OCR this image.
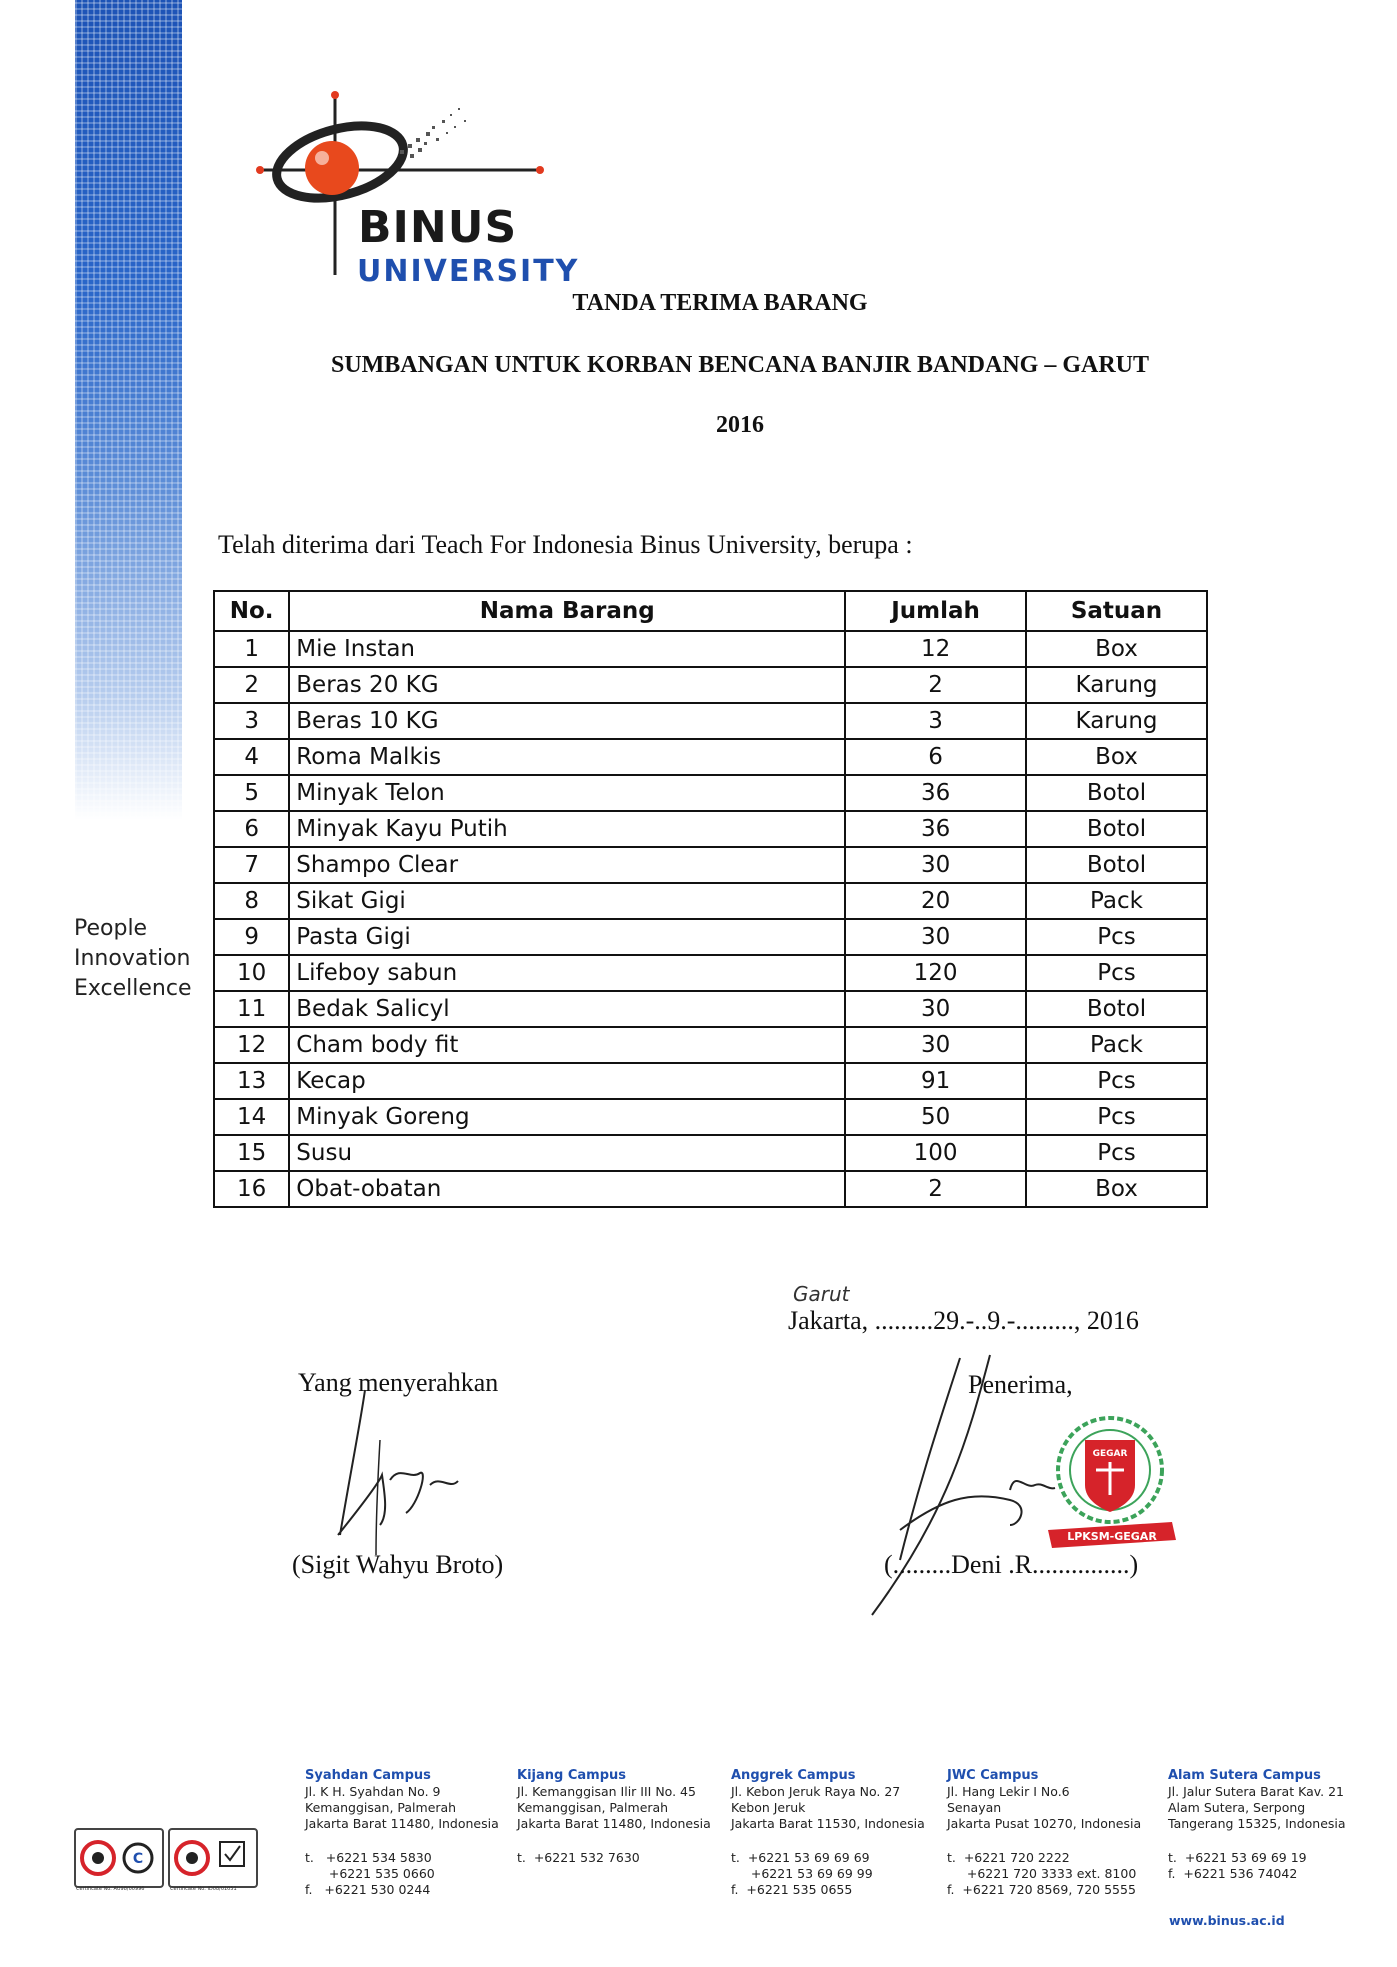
People
Innovation
Excellence
BINUS
UNIVERSITY
TANDA TERIMA BARANG
SUMBANGAN UNTUK KORBAN BENCANA BANJIR BANDANG – GARUT
2016
Telah diterima dari Teach For Indonesia Binus University, berupa :
No.	Nama Barang	Jumlah	Satuan
1	Mie Instan	12	Box
2	Beras 20 KG	2	Karung
3	Beras 10 KG	3	Karung
4	Roma Malkis	6	Box
5	Minyak Telon	36	Botol
6	Minyak Kayu Putih	36	Botol
7	Shampo Clear	30	Botol
8	Sikat Gigi	20	Pack
9	Pasta Gigi	30	Pcs
10	Lifeboy sabun	120	Pcs
11	Bedak Salicyl	30	Botol
12	Cham body fit	30	Pack
13	Kecap	91	Pcs
14	Minyak Goreng	50	Pcs
15	Susu	100	Pcs
16	Obat-obatan	2	Box
Garut
Jakarta, .........29.-..9.-........., 2016
Yang menyerahkan	Penerima,
(Sigit Wahyu Broto)
GEGAR
LPKSM-GEGAR
(.........Deni .R...............)
C
Certificate No. AU98/00996	Certificate No. ID08/01051
Syahdan Campus
Jl. K H. Syahdan No. 9
Kemanggisan, Palmerah
Jakarta Barat 11480, Indonesia
t.   +6221 534 5830
+6221 535 0660
f.   +6221 530 0244
Kijang Campus
Jl. Kemanggisan Ilir III No. 45
Kemanggisan, Palmerah
Jakarta Barat 11480, Indonesia
t.  +6221 532 7630
Anggrek Campus
Jl. Kebon Jeruk Raya No. 27
Kebon Jeruk
Jakarta Barat 11530, Indonesia
t.  +6221 53 69 69 69
+6221 53 69 69 99
f.  +6221 535 0655
JWC Campus
Jl. Hang Lekir I No.6
Senayan
Jakarta Pusat 10270, Indonesia
t.  +6221 720 2222
+6221 720 3333 ext. 8100
f.  +6221 720 8569, 720 5555
Alam Sutera Campus
Jl. Jalur Sutera Barat Kav. 21
Alam Sutera, Serpong
Tangerang 15325, Indonesia
t.  +6221 53 69 69 19
f.  +6221 536 74042
www.binus.ac.id
